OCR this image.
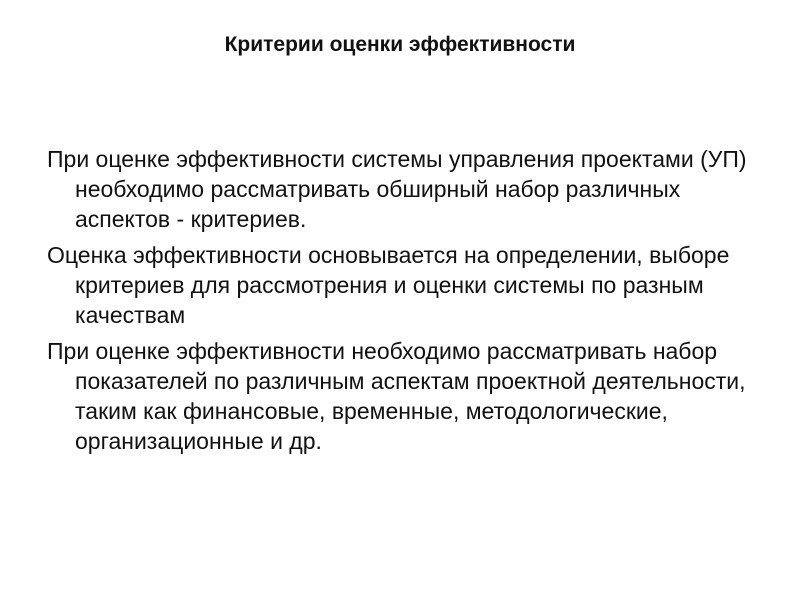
Критерии оценки эффективности
При оценке эффективности системы управления проектами (УП) необходимо рассматривать обширный набор различных аспектов - критериев.
Оценка эффективности основывается на определении, выборе критериев для рассмотрения и оценки системы по разным качествам
При оценке эффективности необходимо рассматривать набор показателей по различным аспектам проектной деятельности, таким как финансовые, временные, методологические, организационные и др.
